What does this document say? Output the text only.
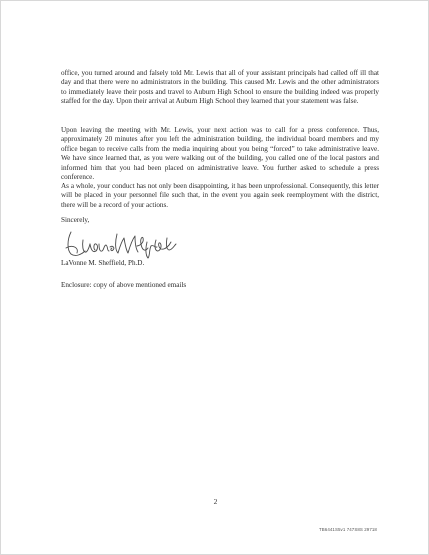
office, you turned around and falsely told Mr. Lewis that all of your assistant principals had called off ill that day and that there were no administrators in the building. This caused Mr. Lewis and the other administrators to immediately leave their posts and travel to Auburn High School to ensure the building indeed was properly staffed for the day. Upon their arrival at Auburn High School they learned that your statement was false.

Upon leaving the meeting with Mr. Lewis, your next action was to call for a press conference. Thus, approximately 20 minutes after you left the administration building, the individual board members and my office began to receive calls from the media inquiring about you being “forced” to take administrative leave. We have since learned that, as you were walking out of the building, you called one of the local pastors and informed him that you had been placed on administrative leave. You further asked to schedule a press conference.

As a whole, your conduct has not only been disappointing, it has been unprofessional. Consequently, this letter will be placed in your personnel file such that, in the event you again seek reemployment with the district, there will be a record of your actions.

Sincerely,

LaVonne M. Sheffield, Ph.D.

Enclosure: copy of above mentioned emails

2
TB6441S5v1 747S8S 29718
